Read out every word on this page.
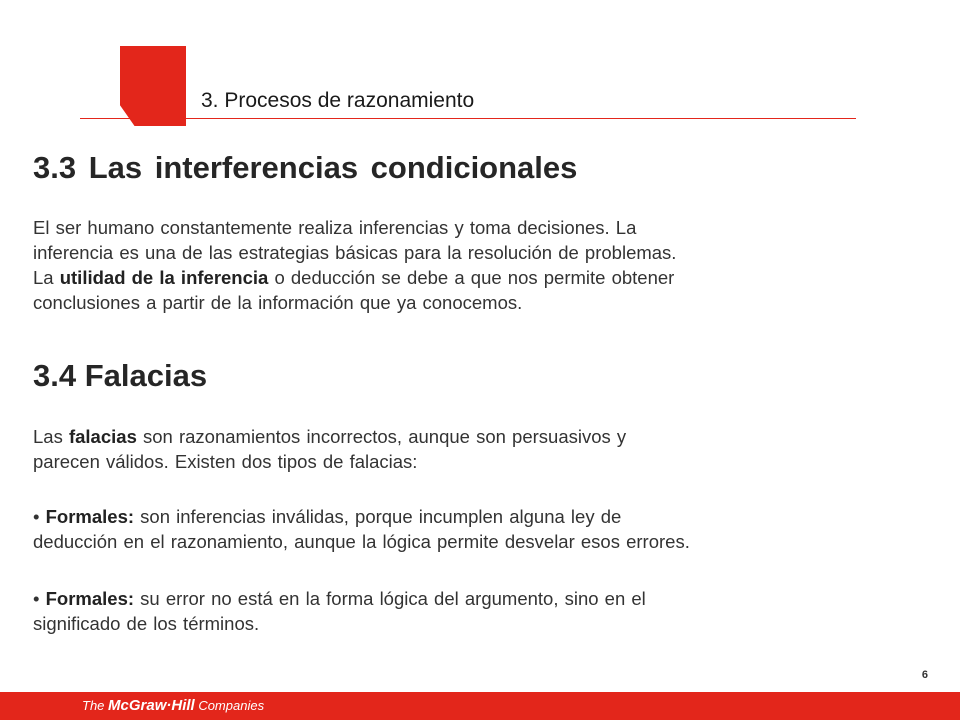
3. Procesos de razonamiento
3.3 Las interferencias condicionales

El ser humano constantemente realiza inferencias y toma decisiones. La
inferencia es una de las estrategias básicas para la resolución de problemas.
La utilidad de la inferencia o deducción se debe a que nos permite obtener
conclusiones a partir de la información que ya conocemos.

3.4 Falacias

Las falacias son razonamientos incorrectos, aunque son persuasivos y
parecen válidos. Existen dos tipos de falacias:

• Formales: son inferencias inválidas, porque incumplen alguna ley de
deducción en el razonamiento, aunque la lógica permite desvelar esos errores.

• Formales: su error no está en la forma lógica del argumento, sino en el
significado de los términos.

6
The McGraw·Hill Companies
